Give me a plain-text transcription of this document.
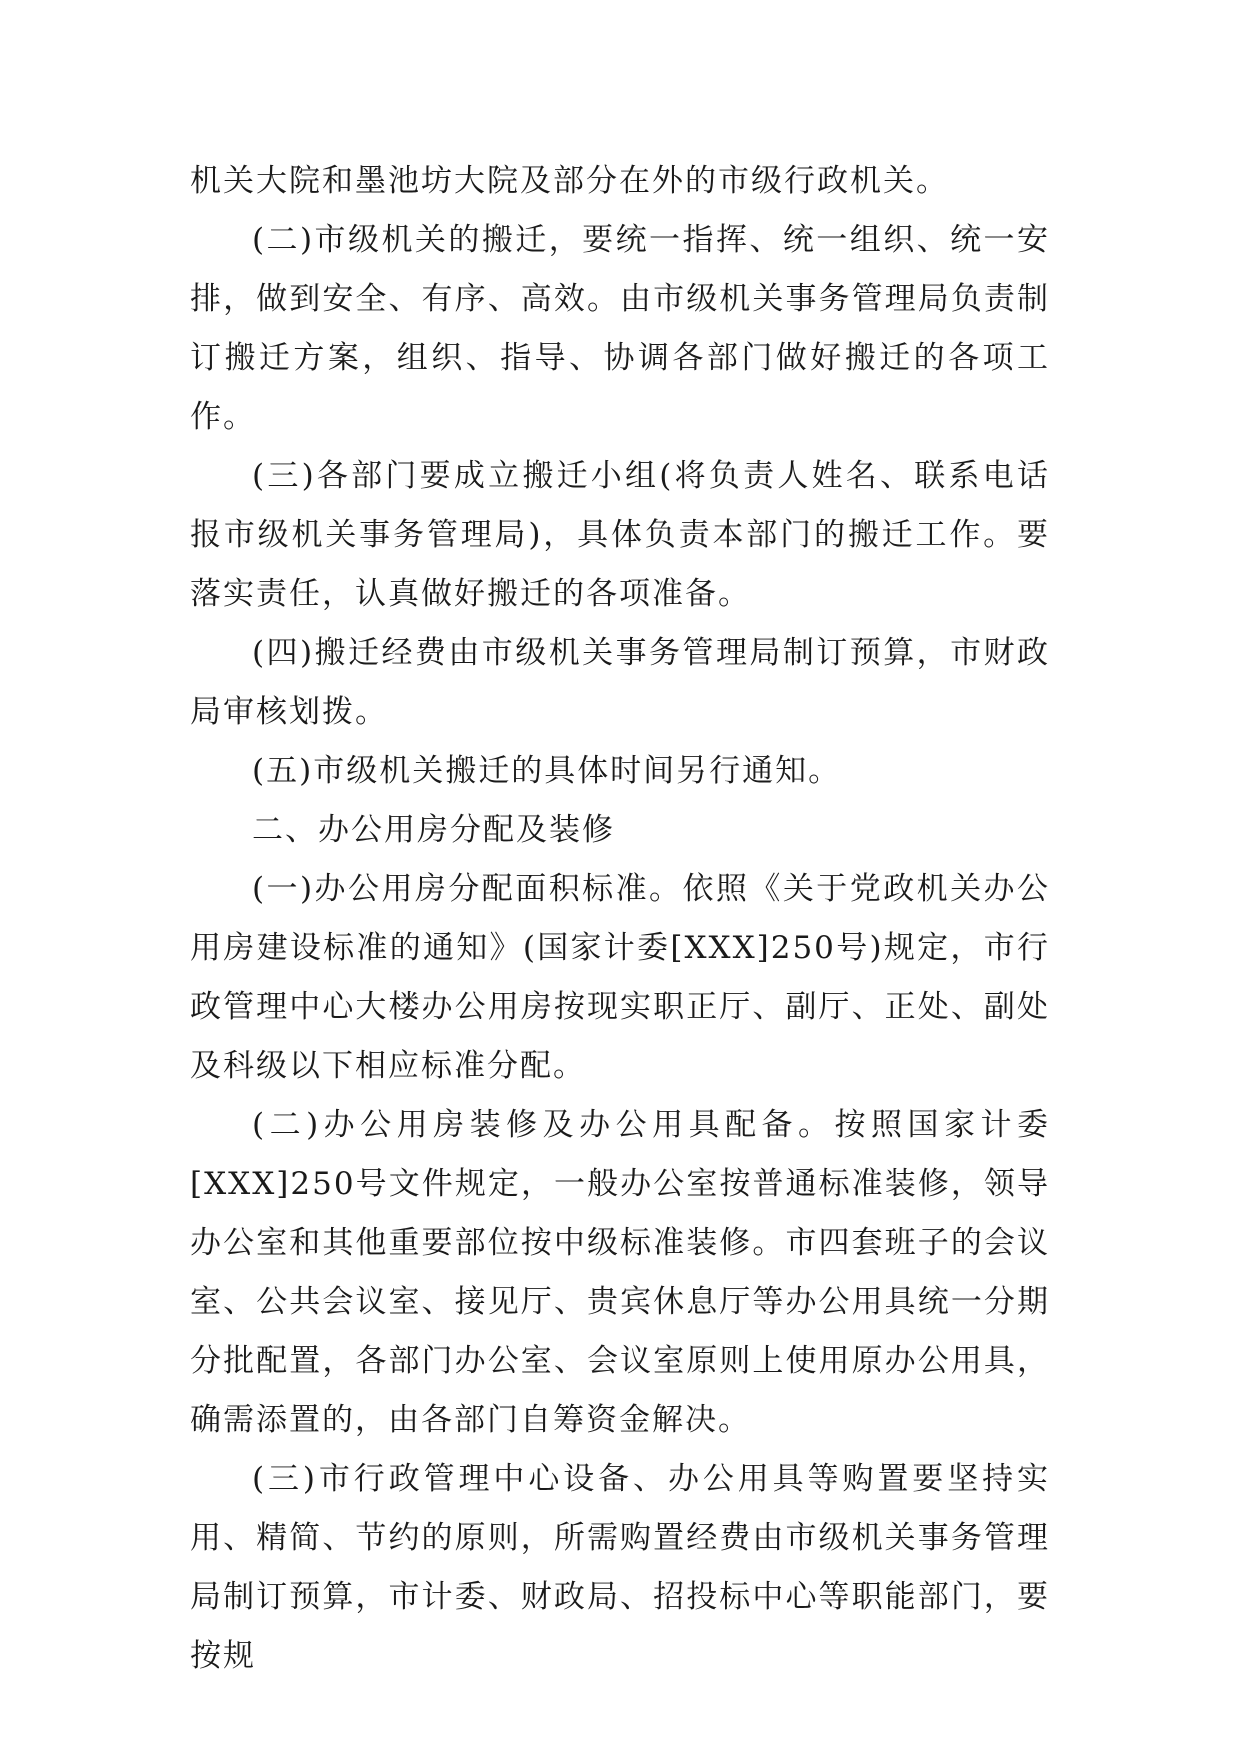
机关大院和墨池坊大院及部分在外的市级行政机关。

(二)市级机关的搬迁，要统一指挥、统一组织、统一安排，做到安全、有序、高效。由市级机关事务管理局负责制订搬迁方案，组织、指导、协调各部门做好搬迁的各项工作。

(三)各部门要成立搬迁小组(将负责人姓名、联系电话报市级机关事务管理局)，具体负责本部门的搬迁工作。要落实责任，认真做好搬迁的各项准备。

(四)搬迁经费由市级机关事务管理局制订预算，市财政局审核划拨。

(五)市级机关搬迁的具体时间另行通知。

二、办公用房分配及装修

(一)办公用房分配面积标准。依照《关于党政机关办公用房建设标准的通知》(国家计委[XXX]250号)规定，市行政管理中心大楼办公用房按现实职正厅、副厅、正处、副处及科级以下相应标准分配。

(二)办公用房装修及办公用具配备。按照国家计委[XXX]250号文件规定，一般办公室按普通标准装修，领导办公室和其他重要部位按中级标准装修。市四套班子的会议室、公共会议室、接见厅、贵宾休息厅等办公用具统一分期分批配置，各部门办公室、会议室原则上使用原办公用具，确需添置的，由各部门自筹资金解决。

(三)市行政管理中心设备、办公用具等购置要坚持实用、精简、节约的原则，所需购置经费由市级机关事务管理局制订预算，市计委、财政局、招投标中心等职能部门，要按规
